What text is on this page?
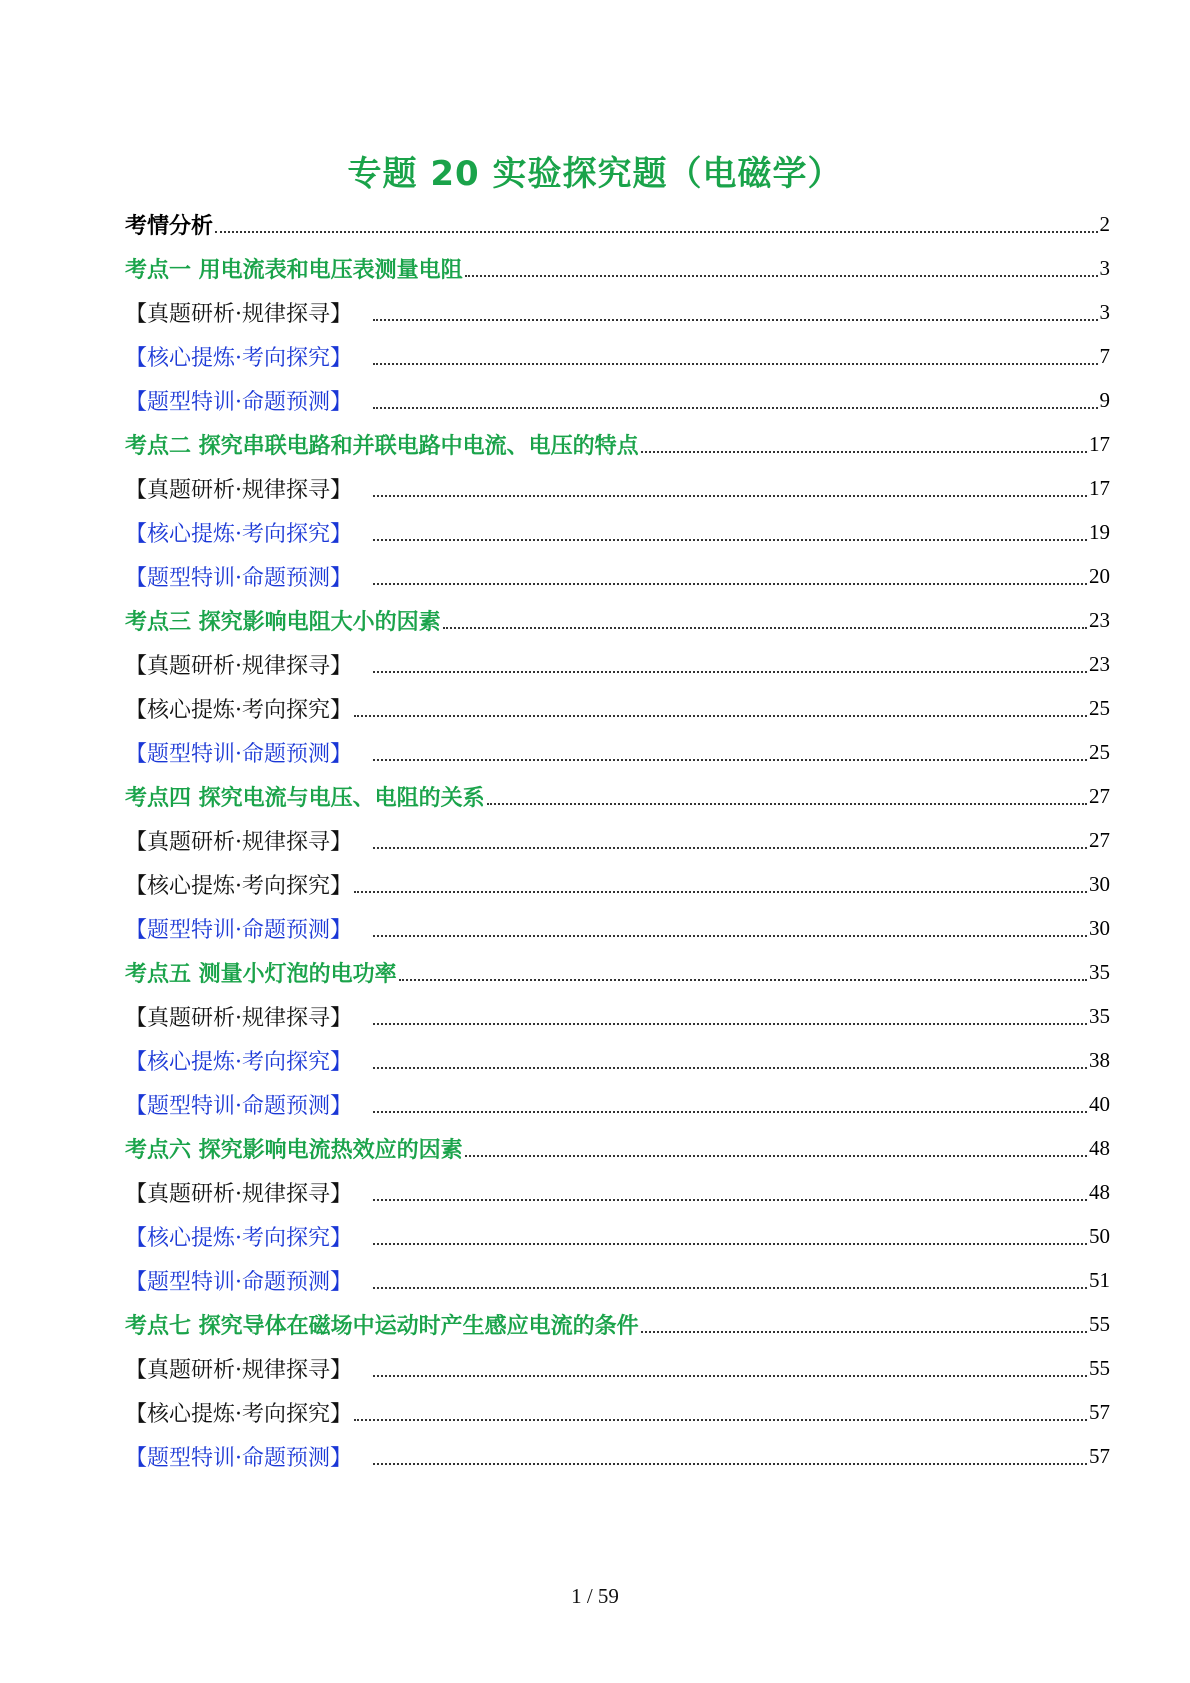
专题 20 实验探究题（电磁学）
考情分析	2
考点一 用电流表和电压表测量电阻	3
【真题研析·规律探寻】	3
【核心提炼·考向探究】	7
【题型特训·命题预测】	9
考点二 探究串联电路和并联电路中电流、电压的特点	17
【真题研析·规律探寻】	17
【核心提炼·考向探究】	19
【题型特训·命题预测】	20
考点三 探究影响电阻大小的因素	23
【真题研析·规律探寻】	23
【核心提炼·考向探究】	25
【题型特训·命题预测】	25
考点四 探究电流与电压、电阻的关系	27
【真题研析·规律探寻】	27
【核心提炼·考向探究】	30
【题型特训·命题预测】	30
考点五 测量小灯泡的电功率	35
【真题研析·规律探寻】	35
【核心提炼·考向探究】	38
【题型特训·命题预测】	40
考点六 探究影响电流热效应的因素	48
【真题研析·规律探寻】	48
【核心提炼·考向探究】	50
【题型特训·命题预测】	51
考点七 探究导体在磁场中运动时产生感应电流的条件	55
【真题研析·规律探寻】	55
【核心提炼·考向探究】	57
【题型特训·命题预测】	57
1 / 59
